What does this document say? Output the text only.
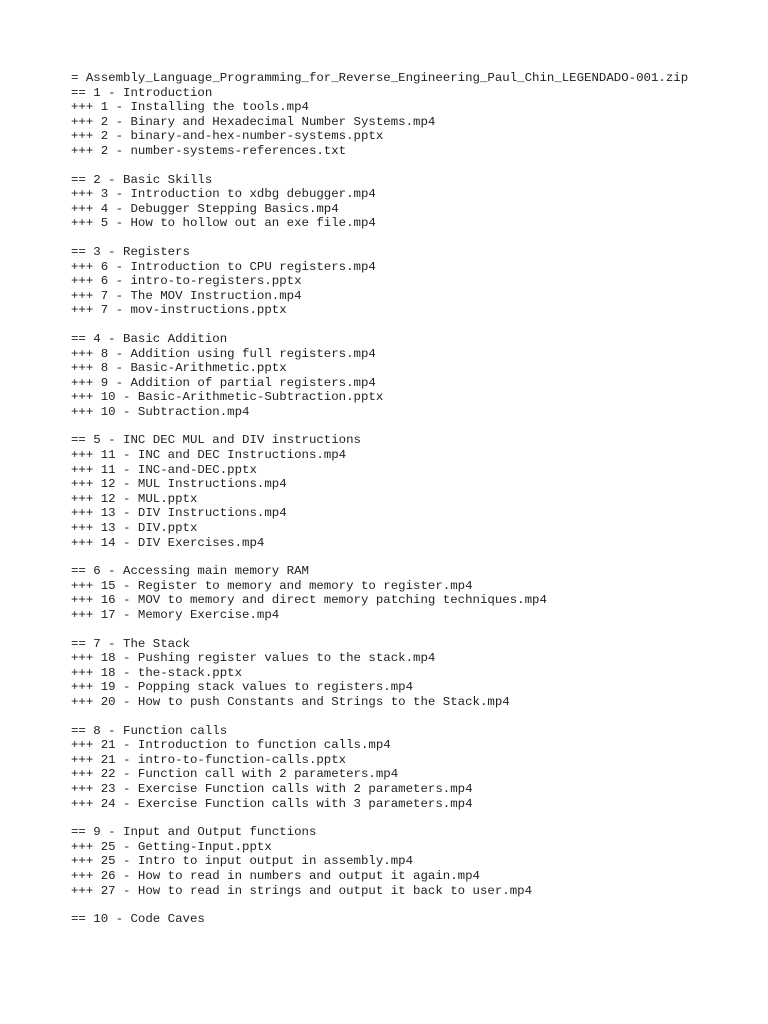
= Assembly_Language_Programming_for_Reverse_Engineering_Paul_Chin_LEGENDADO-001.zip
== 1 - Introduction
+++ 1 - Installing the tools.mp4
+++ 2 - Binary and Hexadecimal Number Systems.mp4
+++ 2 - binary-and-hex-number-systems.pptx
+++ 2 - number-systems-references.txt
== 2 - Basic Skills
+++ 3 - Introduction to xdbg debugger.mp4
+++ 4 - Debugger Stepping Basics.mp4
+++ 5 - How to hollow out an exe file.mp4
== 3 - Registers
+++ 6 - Introduction to CPU registers.mp4
+++ 6 - intro-to-registers.pptx
+++ 7 - The MOV Instruction.mp4
+++ 7 - mov-instructions.pptx
== 4 - Basic Addition
+++ 8 - Addition using full registers.mp4
+++ 8 - Basic-Arithmetic.pptx
+++ 9 - Addition of partial registers.mp4
+++ 10 - Basic-Arithmetic-Subtraction.pptx
+++ 10 - Subtraction.mp4
== 5 - INC DEC MUL and DIV instructions
+++ 11 - INC and DEC Instructions.mp4
+++ 11 - INC-and-DEC.pptx
+++ 12 - MUL Instructions.mp4
+++ 12 - MUL.pptx
+++ 13 - DIV Instructions.mp4
+++ 13 - DIV.pptx
+++ 14 - DIV Exercises.mp4
== 6 - Accessing main memory RAM
+++ 15 - Register to memory and memory to register.mp4
+++ 16 - MOV to memory and direct memory patching techniques.mp4
+++ 17 - Memory Exercise.mp4
== 7 - The Stack
+++ 18 - Pushing register values to the stack.mp4
+++ 18 - the-stack.pptx
+++ 19 - Popping stack values to registers.mp4
+++ 20 - How to push Constants and Strings to the Stack.mp4
== 8 - Function calls
+++ 21 - Introduction to function calls.mp4
+++ 21 - intro-to-function-calls.pptx
+++ 22 - Function call with 2 parameters.mp4
+++ 23 - Exercise Function calls with 2 parameters.mp4
+++ 24 - Exercise Function calls with 3 parameters.mp4
== 9 - Input and Output functions
+++ 25 - Getting-Input.pptx
+++ 25 - Intro to input output in assembly.mp4
+++ 26 - How to read in numbers and output it again.mp4
+++ 27 - How to read in strings and output it back to user.mp4
== 10 - Code Caves
